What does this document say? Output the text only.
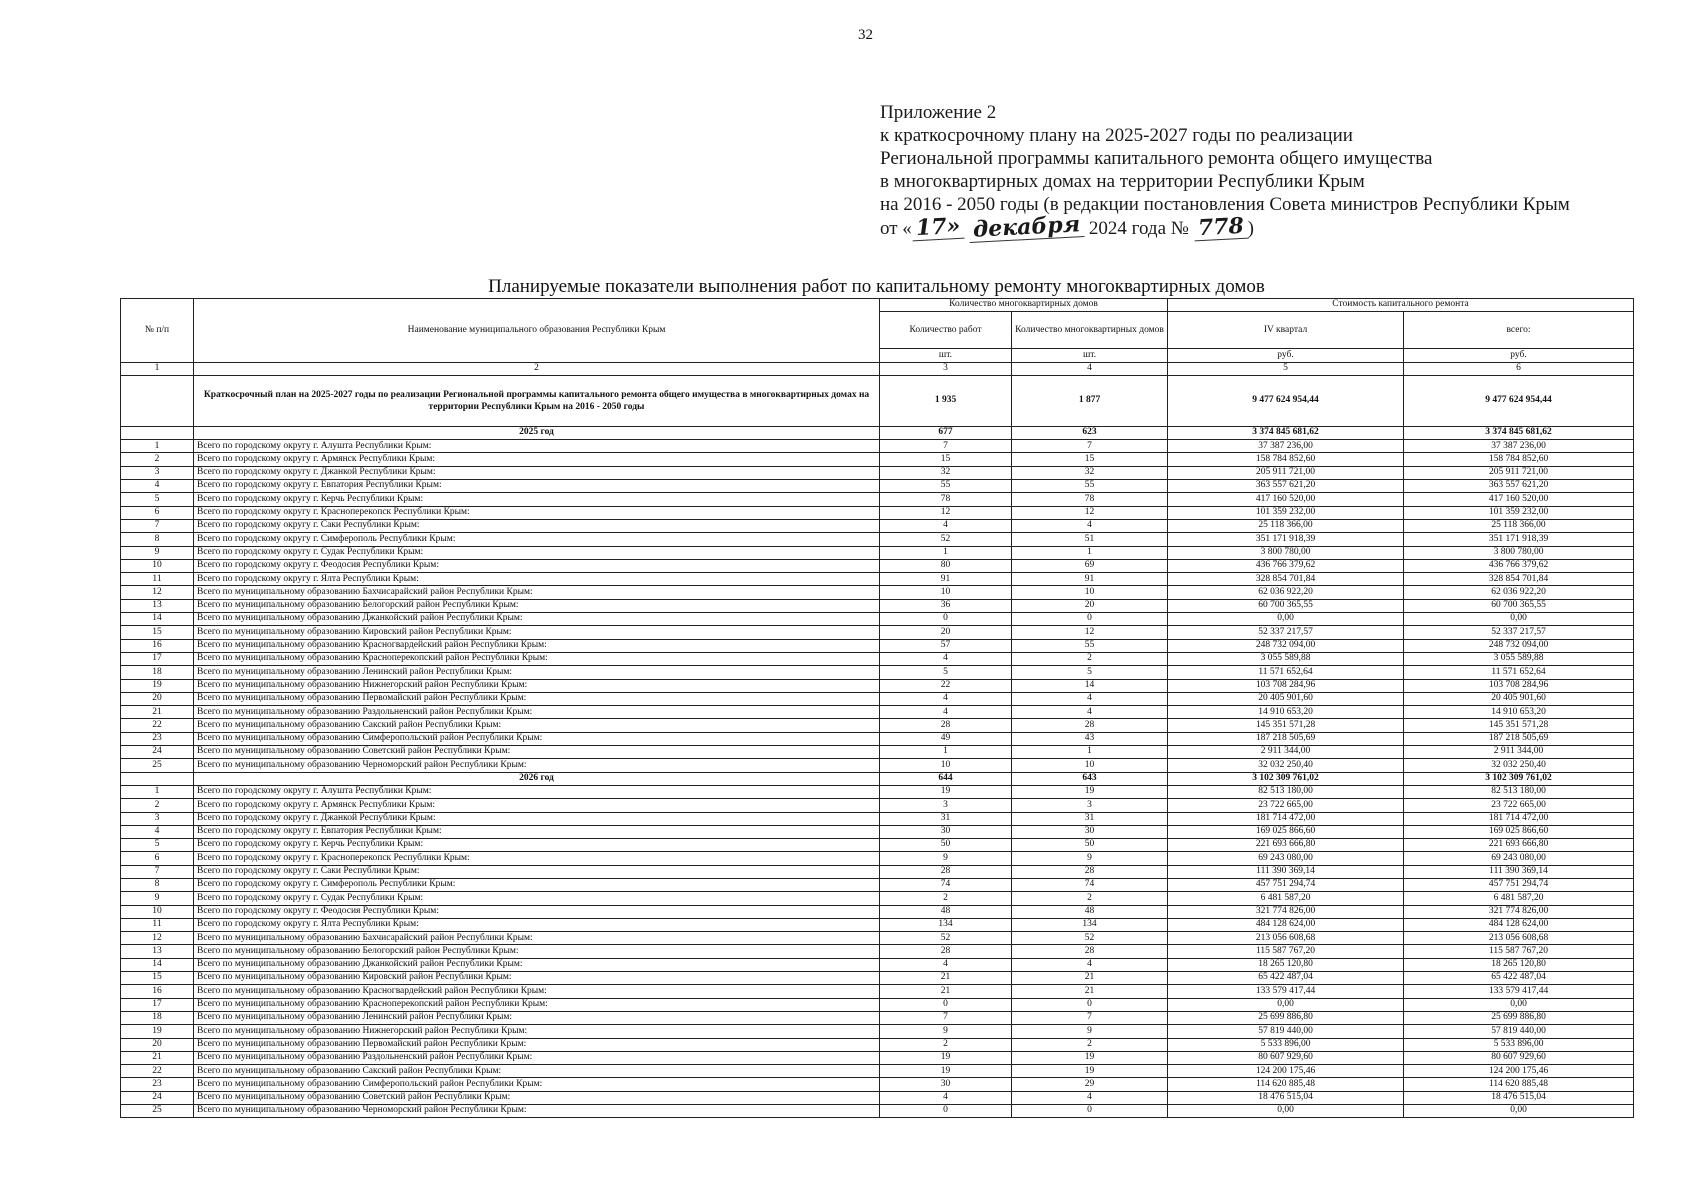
32
Приложение 2
к краткосрочному плану на 2025-2027 годы по реализации
Региональной программы капитального ремонта общего имущества
в многоквартирных домах на территории Республики Крым
на 2016 - 2050 годы (в редакции постановления Совета министров Республики Крым
от « 17» декабря 2024 года № 778 )
Планируемые показатели выполнения работ по капитальному ремонту многоквартирных домов
№ п/п	Наименование муниципального образования Республики Крым	Количество многоквартирных домов		Стоимость капитального ремонта	
		Количество работ	Количество многоквартирных домов	IV квартал	всего:
		шт.	шт.	руб.	руб.
1	2	3	4	5	6
	Краткосрочный план на 2025-2027 годы по реализации Региональной программы капитального ремонта общего имущества в многоквартирных домах на территории Республики Крым на 2016 - 2050 годы	1 935	1 877	9 477 624 954,44	9 477 624 954,44
	2025 год	677	623	3 374 845 681,62	3 374 845 681,62
1	Всего по городскому округу г. Алушта Республики Крым:	7	7	37 387 236,00	37 387 236,00
2	Всего по городскому округу г. Армянск Республики Крым:	15	15	158 784 852,60	158 784 852,60
3	Всего по городскому округу г. Джанкой Республики Крым:	32	32	205 911 721,00	205 911 721,00
4	Всего по городскому округу г. Евпатория Республики Крым:	55	55	363 557 621,20	363 557 621,20
5	Всего по городскому округу г. Керчь Республики Крым:	78	78	417 160 520,00	417 160 520,00
6	Всего по городскому округу г. Красноперекопск Республики Крым:	12	12	101 359 232,00	101 359 232,00
7	Всего по городскому округу г. Саки Республики Крым:	4	4	25 118 366,00	25 118 366,00
8	Всего по городскому округу г. Симферополь Республики Крым:	52	51	351 171 918,39	351 171 918,39
9	Всего по городскому округу г. Судак Республики Крым:	1	1	3 800 780,00	3 800 780,00
10	Всего по городскому округу г. Феодосия Республики Крым:	80	69	436 766 379,62	436 766 379,62
11	Всего по городскому округу г. Ялта Республики Крым:	91	91	328 854 701,84	328 854 701,84
12	Всего по муниципальному образованию Бахчисарайский район Республики Крым:	10	10	62 036 922,20	62 036 922,20
13	Всего по муниципальному образованию Белогорский район Республики Крым:	36	20	60 700 365,55	60 700 365,55
14	Всего по муниципальному образованию Джанкойский район Республики Крым:	0	0	0,00	0,00
15	Всего по муниципальному образованию Кировский район Республики Крым:	20	12	52 337 217,57	52 337 217,57
16	Всего по муниципальному образованию Красногвардейский район Республики Крым:	57	55	248 732 094,00	248 732 094,00
17	Всего по муниципальному образованию Красноперекопский район Республики Крым:	4	2	3 055 589,88	3 055 589,88
18	Всего по муниципальному образованию Ленинский район Республики Крым:	5	5	11 571 652,64	11 571 652,64
19	Всего по муниципальному образованию Нижнегорский район Республики Крым:	22	14	103 708 284,96	103 708 284,96
20	Всего по муниципальному образованию Первомайский район Республики Крым:	4	4	20 405 901,60	20 405 901,60
21	Всего по муниципальному образованию Раздольненский район Республики Крым:	4	4	14 910 653,20	14 910 653,20
22	Всего по муниципальному образованию Сакский район Республики Крым:	28	28	145 351 571,28	145 351 571,28
23	Всего по муниципальному образованию Симферопольский район Республики Крым:	49	43	187 218 505,69	187 218 505,69
24	Всего по муниципальному образованию Советский район Республики Крым:	1	1	2 911 344,00	2 911 344,00
25	Всего по муниципальному образованию Черноморский район Республики Крым:	10	10	32 032 250,40	32 032 250,40
	2026 год	644	643	3 102 309 761,02	3 102 309 761,02
1	Всего по городскому округу г. Алушта Республики Крым:	19	19	82 513 180,00	82 513 180,00
2	Всего по городскому округу г. Армянск Республики Крым:	3	3	23 722 665,00	23 722 665,00
3	Всего по городскому округу г. Джанкой Республики Крым:	31	31	181 714 472,00	181 714 472,00
4	Всего по городскому округу г. Евпатория Республики Крым:	30	30	169 025 866,60	169 025 866,60
5	Всего по городскому округу г. Керчь Республики Крым:	50	50	221 693 666,80	221 693 666,80
6	Всего по городскому округу г. Красноперекопск Республики Крым:	9	9	69 243 080,00	69 243 080,00
7	Всего по городскому округу г. Саки Республики Крым:	28	28	111 390 369,14	111 390 369,14
8	Всего по городскому округу г. Симферополь Республики Крым:	74	74	457 751 294,74	457 751 294,74
9	Всего по городскому округу г. Судак Республики Крым:	2	2	6 481 587,20	6 481 587,20
10	Всего по городскому округу г. Феодосия Республики Крым:	48	48	321 774 826,00	321 774 826,00
11	Всего по городскому округу г. Ялта Республики Крым:	134	134	484 128 624,00	484 128 624,00
12	Всего по муниципальному образованию Бахчисарайский район Республики Крым:	52	52	213 056 608,68	213 056 608,68
13	Всего по муниципальному образованию Белогорский район Республики Крым:	28	28	115 587 767,20	115 587 767,20
14	Всего по муниципальному образованию Джанкойский район Республики Крым:	4	4	18 265 120,80	18 265 120,80
15	Всего по муниципальному образованию Кировский район Республики Крым:	21	21	65 422 487,04	65 422 487,04
16	Всего по муниципальному образованию Красногвардейский район Республики Крым:	21	21	133 579 417,44	133 579 417,44
17	Всего по муниципальному образованию Красноперекопский район Республики Крым:	0	0	0,00	0,00
18	Всего по муниципальному образованию Ленинский район Республики Крым:	7	7	25 699 886,80	25 699 886,80
19	Всего по муниципальному образованию Нижнегорский район Республики Крым:	9	9	57 819 440,00	57 819 440,00
20	Всего по муниципальному образованию Первомайский район Республики Крым:	2	2	5 533 896,00	5 533 896,00
21	Всего по муниципальному образованию Раздольненский район Республики Крым:	19	19	80 607 929,60	80 607 929,60
22	Всего по муниципальному образованию Сакский район Республики Крым:	19	19	124 200 175,46	124 200 175,46
23	Всего по муниципальному образованию Симферопольский район Республики Крым:	30	29	114 620 885,48	114 620 885,48
24	Всего по муниципальному образованию Советский район Республики Крым:	4	4	18 476 515,04	18 476 515,04
25	Всего по муниципальному образованию Черноморский район Республики Крым:	0	0	0,00	0,00
